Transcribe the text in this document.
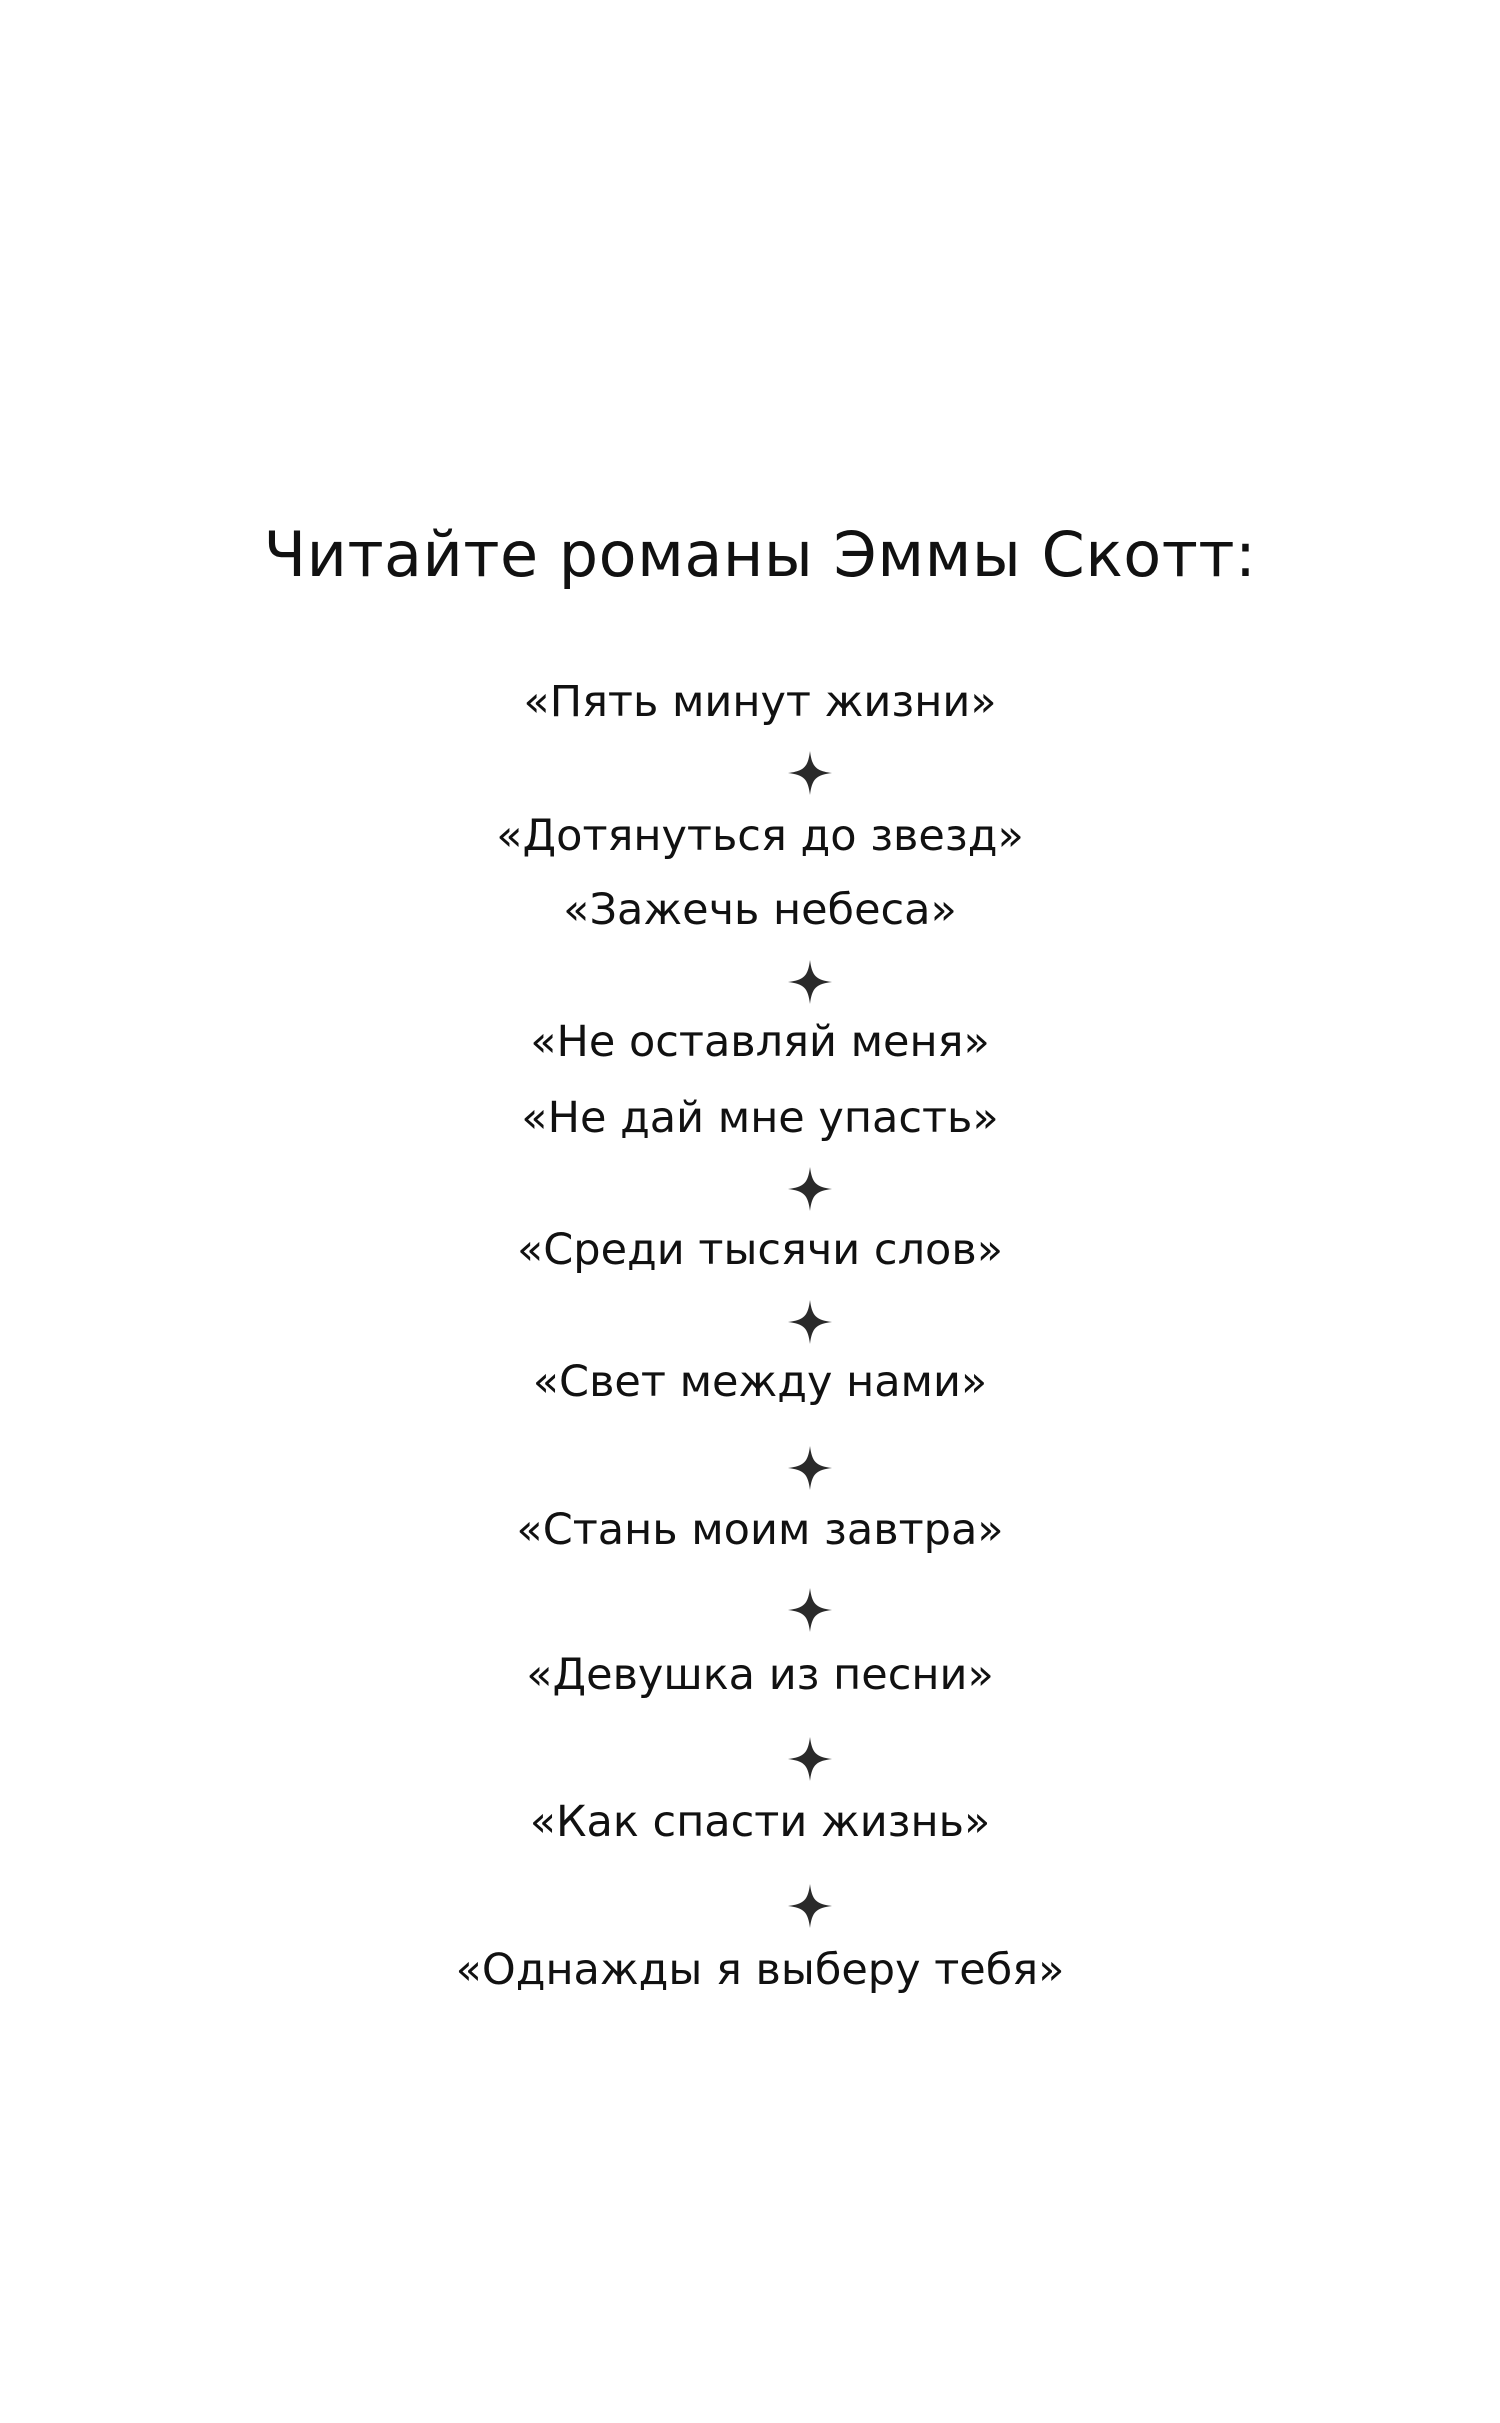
Читайте романы Эммы Скотт:
«Пять минут жизни»
«Дотянуться до звезд»
«Зажечь небеса»
«Не оставляй меня»
«Не дай мне упасть»
«Среди тысячи слов»
«Свет между нами»
«Стань моим завтра»
«Девушка из песни»
«Как спасти жизнь»
«Однажды я выберу тебя»
